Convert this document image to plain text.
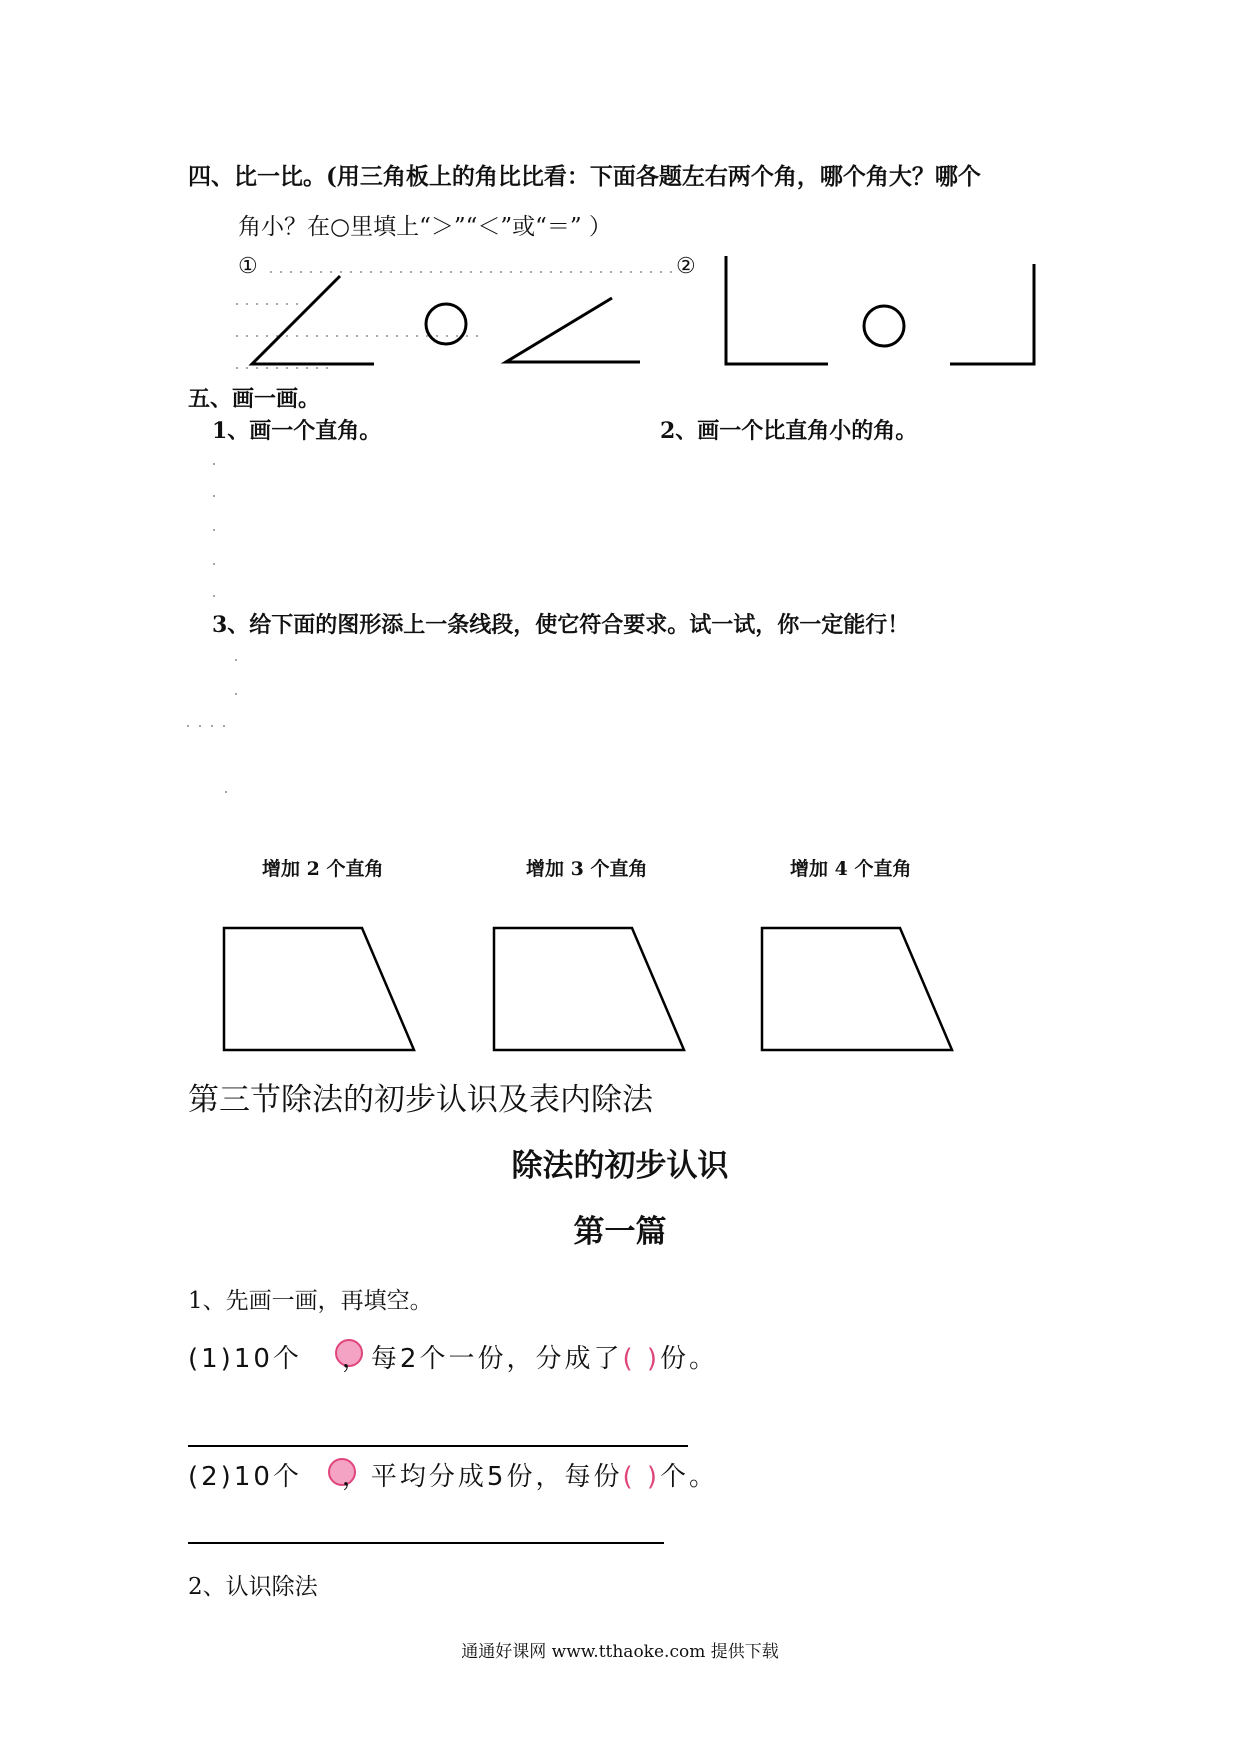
四、比一比。(用三角板上的角比比看：下面各题左右两个角，哪个角大？哪个
角小？在○里填上“＞”“＜”或“＝” ）
①	②
五、画一画。
1、画一个直角。	2、画一个比直角小的角。
3、给下面的图形添上一条线段，使它符合要求。试一试，你一定能行！
增加 2 个直角	增加 3 个直角	增加 4 个直角
第三节除法的初步认识及表内除法
除法的初步认识
第一篇
1、先画一画，再填空。
(1)10个 ，每2个一份，分成了( )份。
(2)10个 ，平均分成5份，每份( )个。
2、认识除法
通通好课网 www.tthaoke.com 提供下载
